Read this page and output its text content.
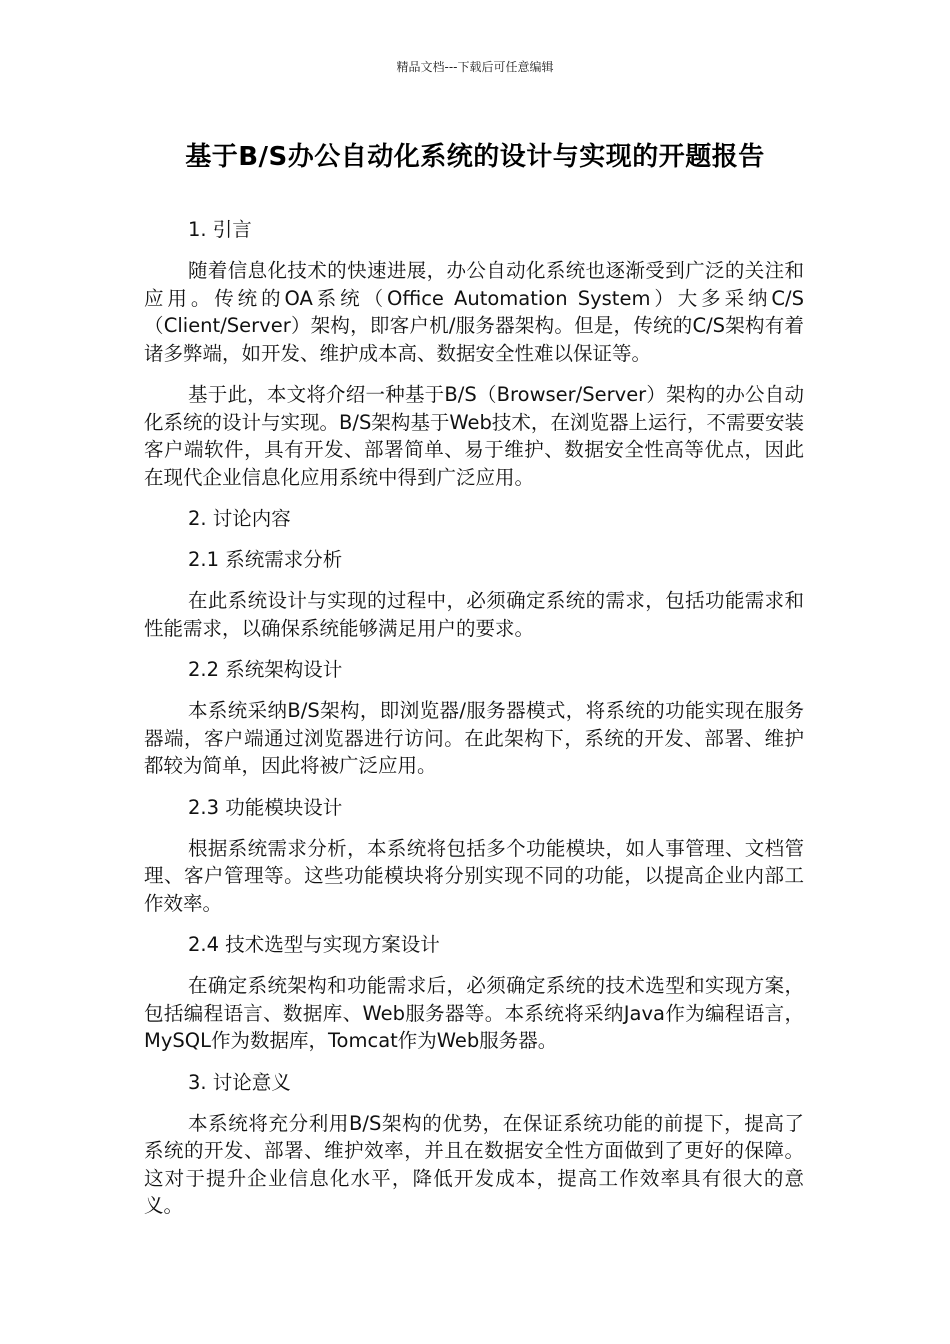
精品文档---下载后可任意编辑
基于B/S办公自动化系统的设计与实现的开题报告
1. 引言
随着信息化技术的快速进展，办公自动化系统也逐渐受到广泛的关注和应用。传统的OA系统（Office Automation System）大多采纳C/S（Client/Server）架构，即客户机/服务器架构。但是，传统的C/S架构有着诸多弊端，如开发、维护成本高、数据安全性难以保证等。
基于此，本文将介绍一种基于B/S（Browser/Server）架构的办公自动化系统的设计与实现。B/S架构基于Web技术，在浏览器上运行，不需要安装客户端软件，具有开发、部署简单、易于维护、数据安全性高等优点，因此在现代企业信息化应用系统中得到广泛应用。
2. 讨论内容
2.1 系统需求分析
在此系统设计与实现的过程中，必须确定系统的需求，包括功能需求和性能需求，以确保系统能够满足用户的要求。
2.2 系统架构设计
本系统采纳B/S架构，即浏览器/服务器模式，将系统的功能实现在服务器端，客户端通过浏览器进行访问。在此架构下，系统的开发、部署、维护都较为简单，因此将被广泛应用。
2.3 功能模块设计
根据系统需求分析，本系统将包括多个功能模块，如人事管理、文档管理、客户管理等。这些功能模块将分别实现不同的功能，以提高企业内部工作效率。
2.4 技术选型与实现方案设计
在确定系统架构和功能需求后，必须确定系统的技术选型和实现方案，包括编程语言、数据库、Web服务器等。本系统将采纳Java作为编程语言，MySQL作为数据库，Tomcat作为Web服务器。
3. 讨论意义
本系统将充分利用B/S架构的优势，在保证系统功能的前提下，提高了系统的开发、部署、维护效率，并且在数据安全性方面做到了更好的保障。这对于提升企业信息化水平，降低开发成本，提高工作效率具有很大的意义。
